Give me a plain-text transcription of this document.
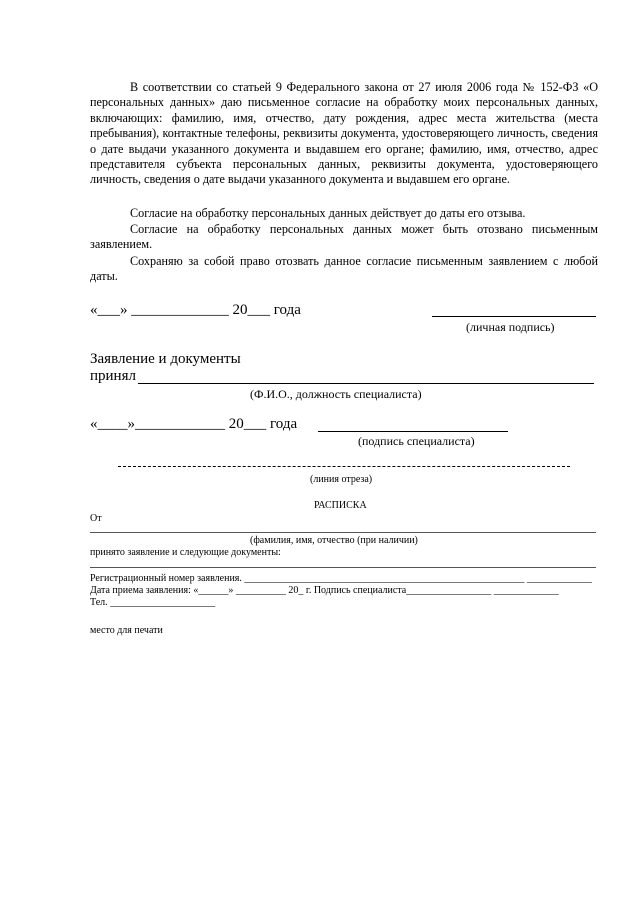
В соответствии со статьей 9 Федерального закона от 27 июля 2006 года № 152-ФЗ «О персональных данных» даю письменное согласие на обработку моих персональных данных, включающих: фамилию, имя, отчество, дату рождения, адрес места жительства (места пребывания), контактные телефоны, реквизиты документа, удостоверяющего личность, сведения о дате выдачи указанного документа и выдавшем его органе; фамилию, имя, отчество, адрес представителя субъекта персональных данных, реквизиты документа, удостоверяющего личность, сведения о дате выдачи указанного документа и выдавшем его органе.

Согласие на обработку персональных данных действует до даты его отзыва.

Согласие на обработку персональных данных может быть отозвано письменным заявлением.

Сохраняю за собой право отозвать данное согласие письменным заявлением с любой даты.

«___» _____________ 20___ года
(личная подпись)
Заявление и документы
принял
(Ф.И.О., должность специалиста)
«____»____________ 20___ года
(подпись специалиста)
(линия отреза)
РАСПИСКА
От
(фамилия, имя, отчество (при наличии)
принято заявление и следующие документы:
Регистрационный номер заявления. ________________________________________________________ _____________
Дата приема заявления: «______» __________ 20_ г. Подпись специалиста_________________ _____________
Тел. _____________________
место для печати
